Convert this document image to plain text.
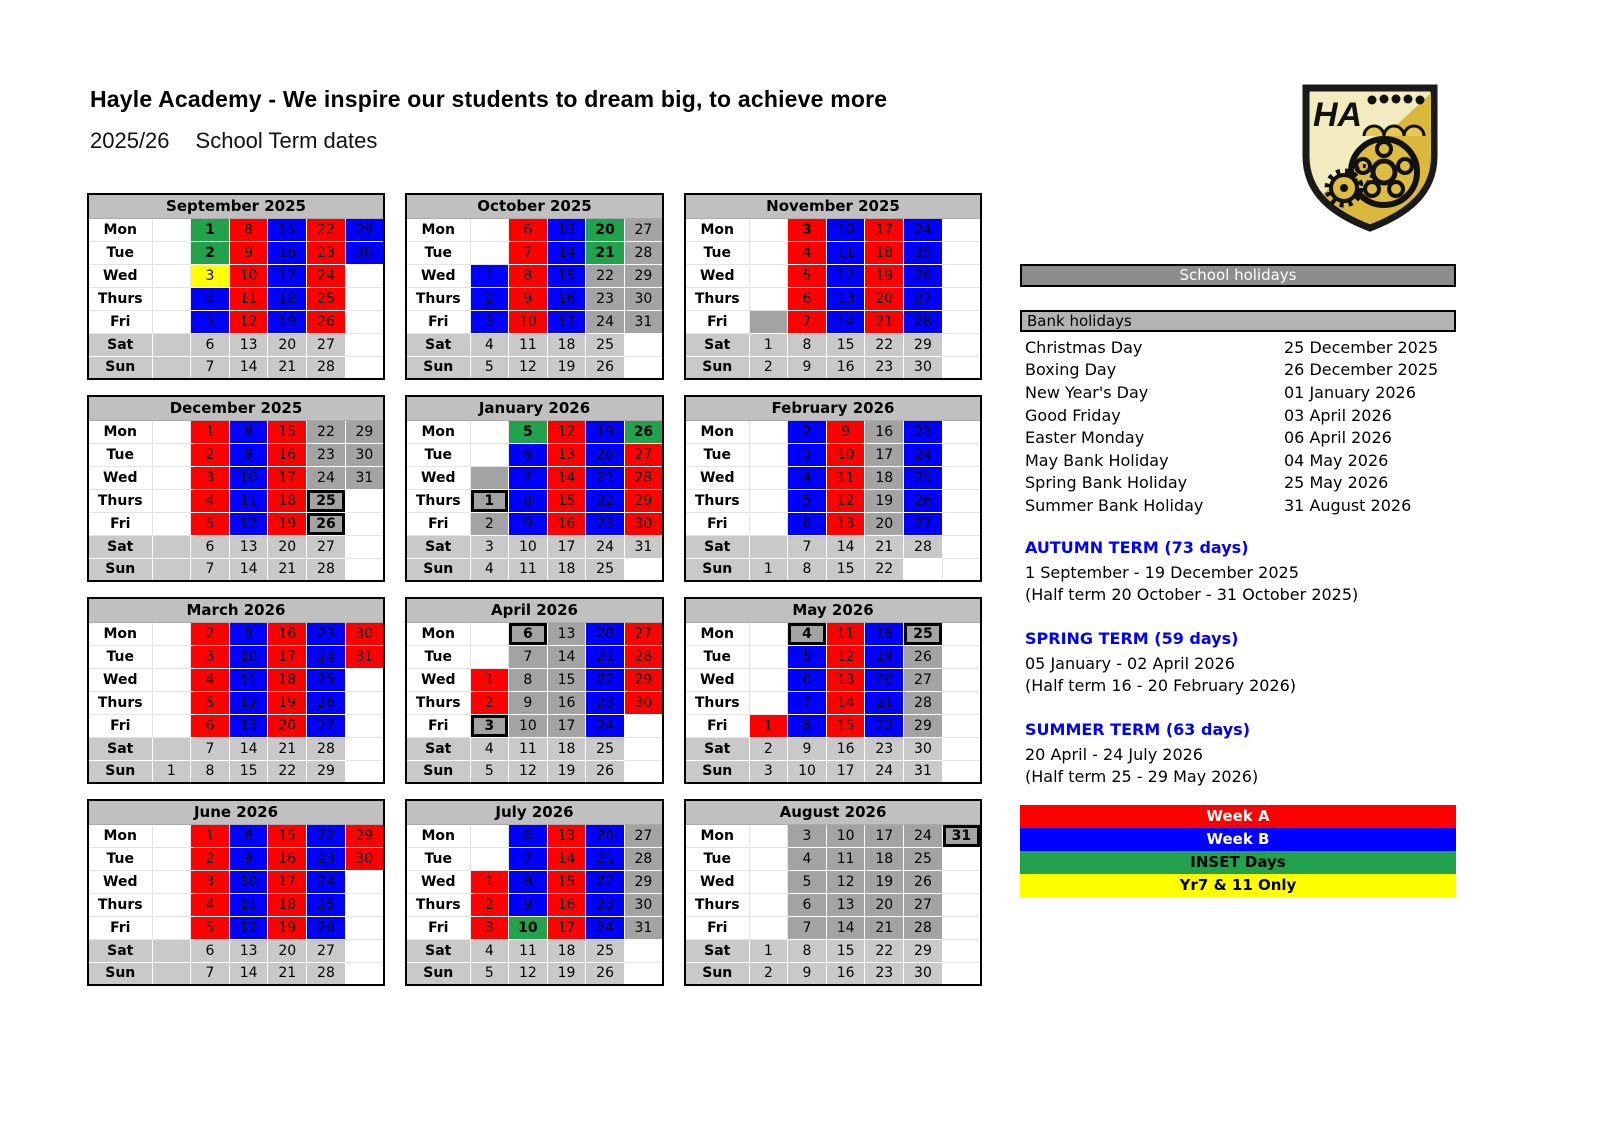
Hayle Academy - We inspire our students to dream big, to achieve more
2025/26 School Term dates
HA
September 2025						
Mon		1	8	15	22	29
Tue		2	9	16	23	30
Wed		3	10	17	24	
Thurs		4	11	18	25	
Fri		5	12	19	26	
Sat		6	13	20	27	
Sun		7	14	21	28	
October 2025					
Mon		6	13	20	27
Tue		7	14	21	28
Wed	1	8	15	22	29
Thurs	2	9	16	23	30
Fri	3	10	17	24	31
Sat	4	11	18	25	
Sun	5	12	19	26	
November 2025						
Mon		3	10	17	24	
Tue		4	11	18	25	
Wed		5	12	19	26	
Thurs		6	13	20	27	
Fri		7	14	21	28	
Sat	1	8	15	22	29	
Sun	2	9	16	23	30	
December 2025						
Mon		1	8	15	22	29
Tue		2	9	16	23	30
Wed		3	10	17	24	31
Thurs		4	11	18	25	
Fri		5	12	19	26	
Sat		6	13	20	27	
Sun		7	14	21	28	
January 2026					
Mon		5	12	19	26
Tue		6	13	20	27
Wed		7	14	21	28
Thurs	1	8	15	22	29
Fri	2	9	16	23	30
Sat	3	10	17	24	31
Sun	4	11	18	25	
February 2026						
Mon		2	9	16	23	
Tue		3	10	17	24	
Wed		4	11	18	25	
Thurs		5	12	19	26	
Fri		6	13	20	27	
Sat		7	14	21	28	
Sun	1	8	15	22		
March 2026						
Mon		2	9	16	23	30
Tue		3	10	17	24	31
Wed		4	11	18	25	
Thurs		5	12	19	26	
Fri		6	13	20	27	
Sat		7	14	21	28	
Sun	1	8	15	22	29	
April 2026					
Mon		6	13	20	27
Tue		7	14	21	28
Wed	1	8	15	22	29
Thurs	2	9	16	23	30
Fri	3	10	17	24	
Sat	4	11	18	25	
Sun	5	12	19	26	
May 2026						
Mon		4	11	18	25	
Tue		5	12	19	26	
Wed		6	13	20	27	
Thurs		7	14	21	28	
Fri	1	8	15	22	29	
Sat	2	9	16	23	30	
Sun	3	10	17	24	31	
June 2026						
Mon		1	8	15	22	29
Tue		2	9	16	23	30
Wed		3	10	17	24	
Thurs		4	11	18	25	
Fri		5	12	19	26	
Sat		6	13	20	27	
Sun		7	14	21	28	
July 2026					
Mon		6	13	20	27
Tue		7	14	21	28
Wed	1	8	15	22	29
Thurs	2	9	16	23	30
Fri	3	10	17	24	31
Sat	4	11	18	25	
Sun	5	12	19	26	
August 2026						
Mon		3	10	17	24	31
Tue		4	11	18	25	
Wed		5	12	19	26	
Thurs		6	13	20	27	
Fri		7	14	21	28	
Sat	1	8	15	22	29	
Sun	2	9	16	23	30	
School holidays
Bank holidays
Christmas Day	25 December 2025
Boxing Day	26 December 2025
New Year's Day	01 January 2026
Good Friday	03 April 2026
Easter Monday	06 April 2026
May Bank Holiday	04 May 2026
Spring Bank Holiday	25 May 2026
Summer Bank Holiday	31 August 2026
AUTUMN TERM (73 days)
1 September - 19 December 2025
(Half term 20 October - 31 October 2025)
SPRING TERM (59 days)
05 January - 02 April 2026
(Half term 16 - 20 February 2026)
SUMMER TERM (63 days)
20 April - 24 July 2026
(Half term 25 - 29 May 2026)
Week A
Week B
INSET Days
Yr7 & 11 Only
